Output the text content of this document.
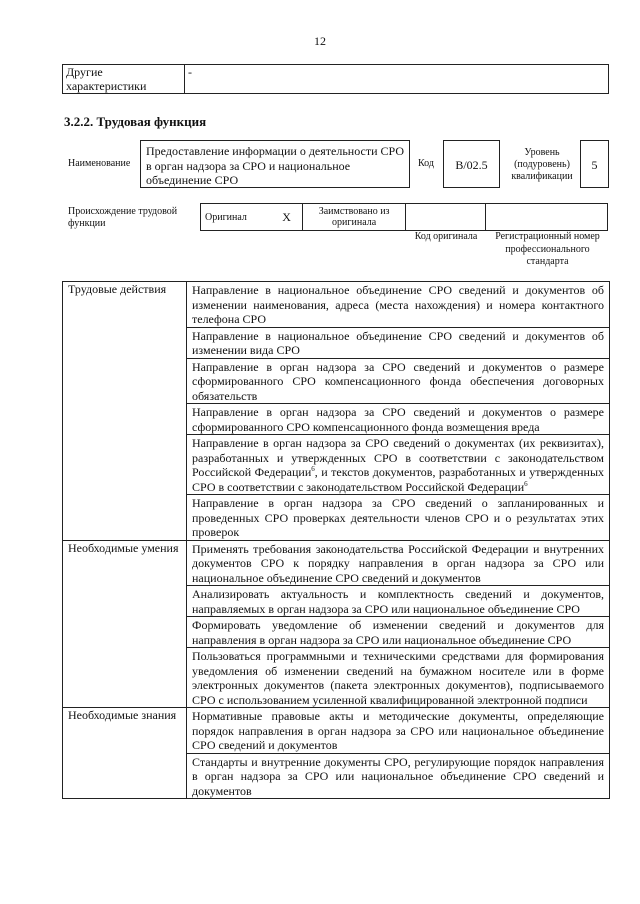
12
Другие характеристики	-
3.2.2. Трудовая функция
Наименование
Предоставление информации о деятельности СРО в орган надзора за СРО и национальное объединение СРО
Код	B/02.5
Уровень (подуровень) квалификации
5
Происхождение трудовой функции
Оригинал	X	Заимствовано из оригинала		
Код оригинала	Регистрационный номер профессионального стандарта
Трудовые действия	Направление в национальное объединение СРО сведений и документов об изменении наименования, адреса (места нахождения) и номера контактного телефона СРО
	Направление в национальное объединение СРО сведений и документов об изменении вида СРО
	Направление в орган надзора за СРО сведений и документов о размере сформированного СРО компенсационного фонда обеспечения договорных обязательств
	Направление в орган надзора за СРО сведений и документов о размере сформированного СРО компенсационного фонда возмещения вреда
	Направление в орган надзора за СРО сведений о документах (их реквизитах), разработанных и утвержденных СРО в соответствии с законодательством Российской Федерации$^6$, и текстов документов, разработанных и утвержденных СРО в соответствии с законодательством Российской Федерации$^6$
	Направление в орган надзора за СРО сведений о запланированных и проведенных СРО проверках деятельности членов СРО и о результатах этих проверок
Необходимые умения	Применять требования законодательства Российской Федерации и внутренних документов СРО к порядку направления в орган надзора за СРО или национальное объединение СРО сведений и документов
	Анализировать актуальность и комплектность сведений и документов, направляемых в орган надзора за СРО или национальное объединение СРО
	Формировать уведомление об изменении сведений и документов для направления в орган надзора за СРО или национальное объединение СРО
	Пользоваться программными и техническими средствами для формирования уведомления об изменении сведений на бумажном носителе или в форме электронных документов (пакета электронных документов), подписываемого СРО с использованием усиленной квалифицированной электронной подписи
Необходимые знания	Нормативные правовые акты и методические документы, определяющие порядок направления в орган надзора за СРО или национальное объединение СРО сведений и документов
	Стандарты и внутренние документы СРО, регулирующие порядок направления в орган надзора за СРО или национальное объединение СРО сведений и документов
